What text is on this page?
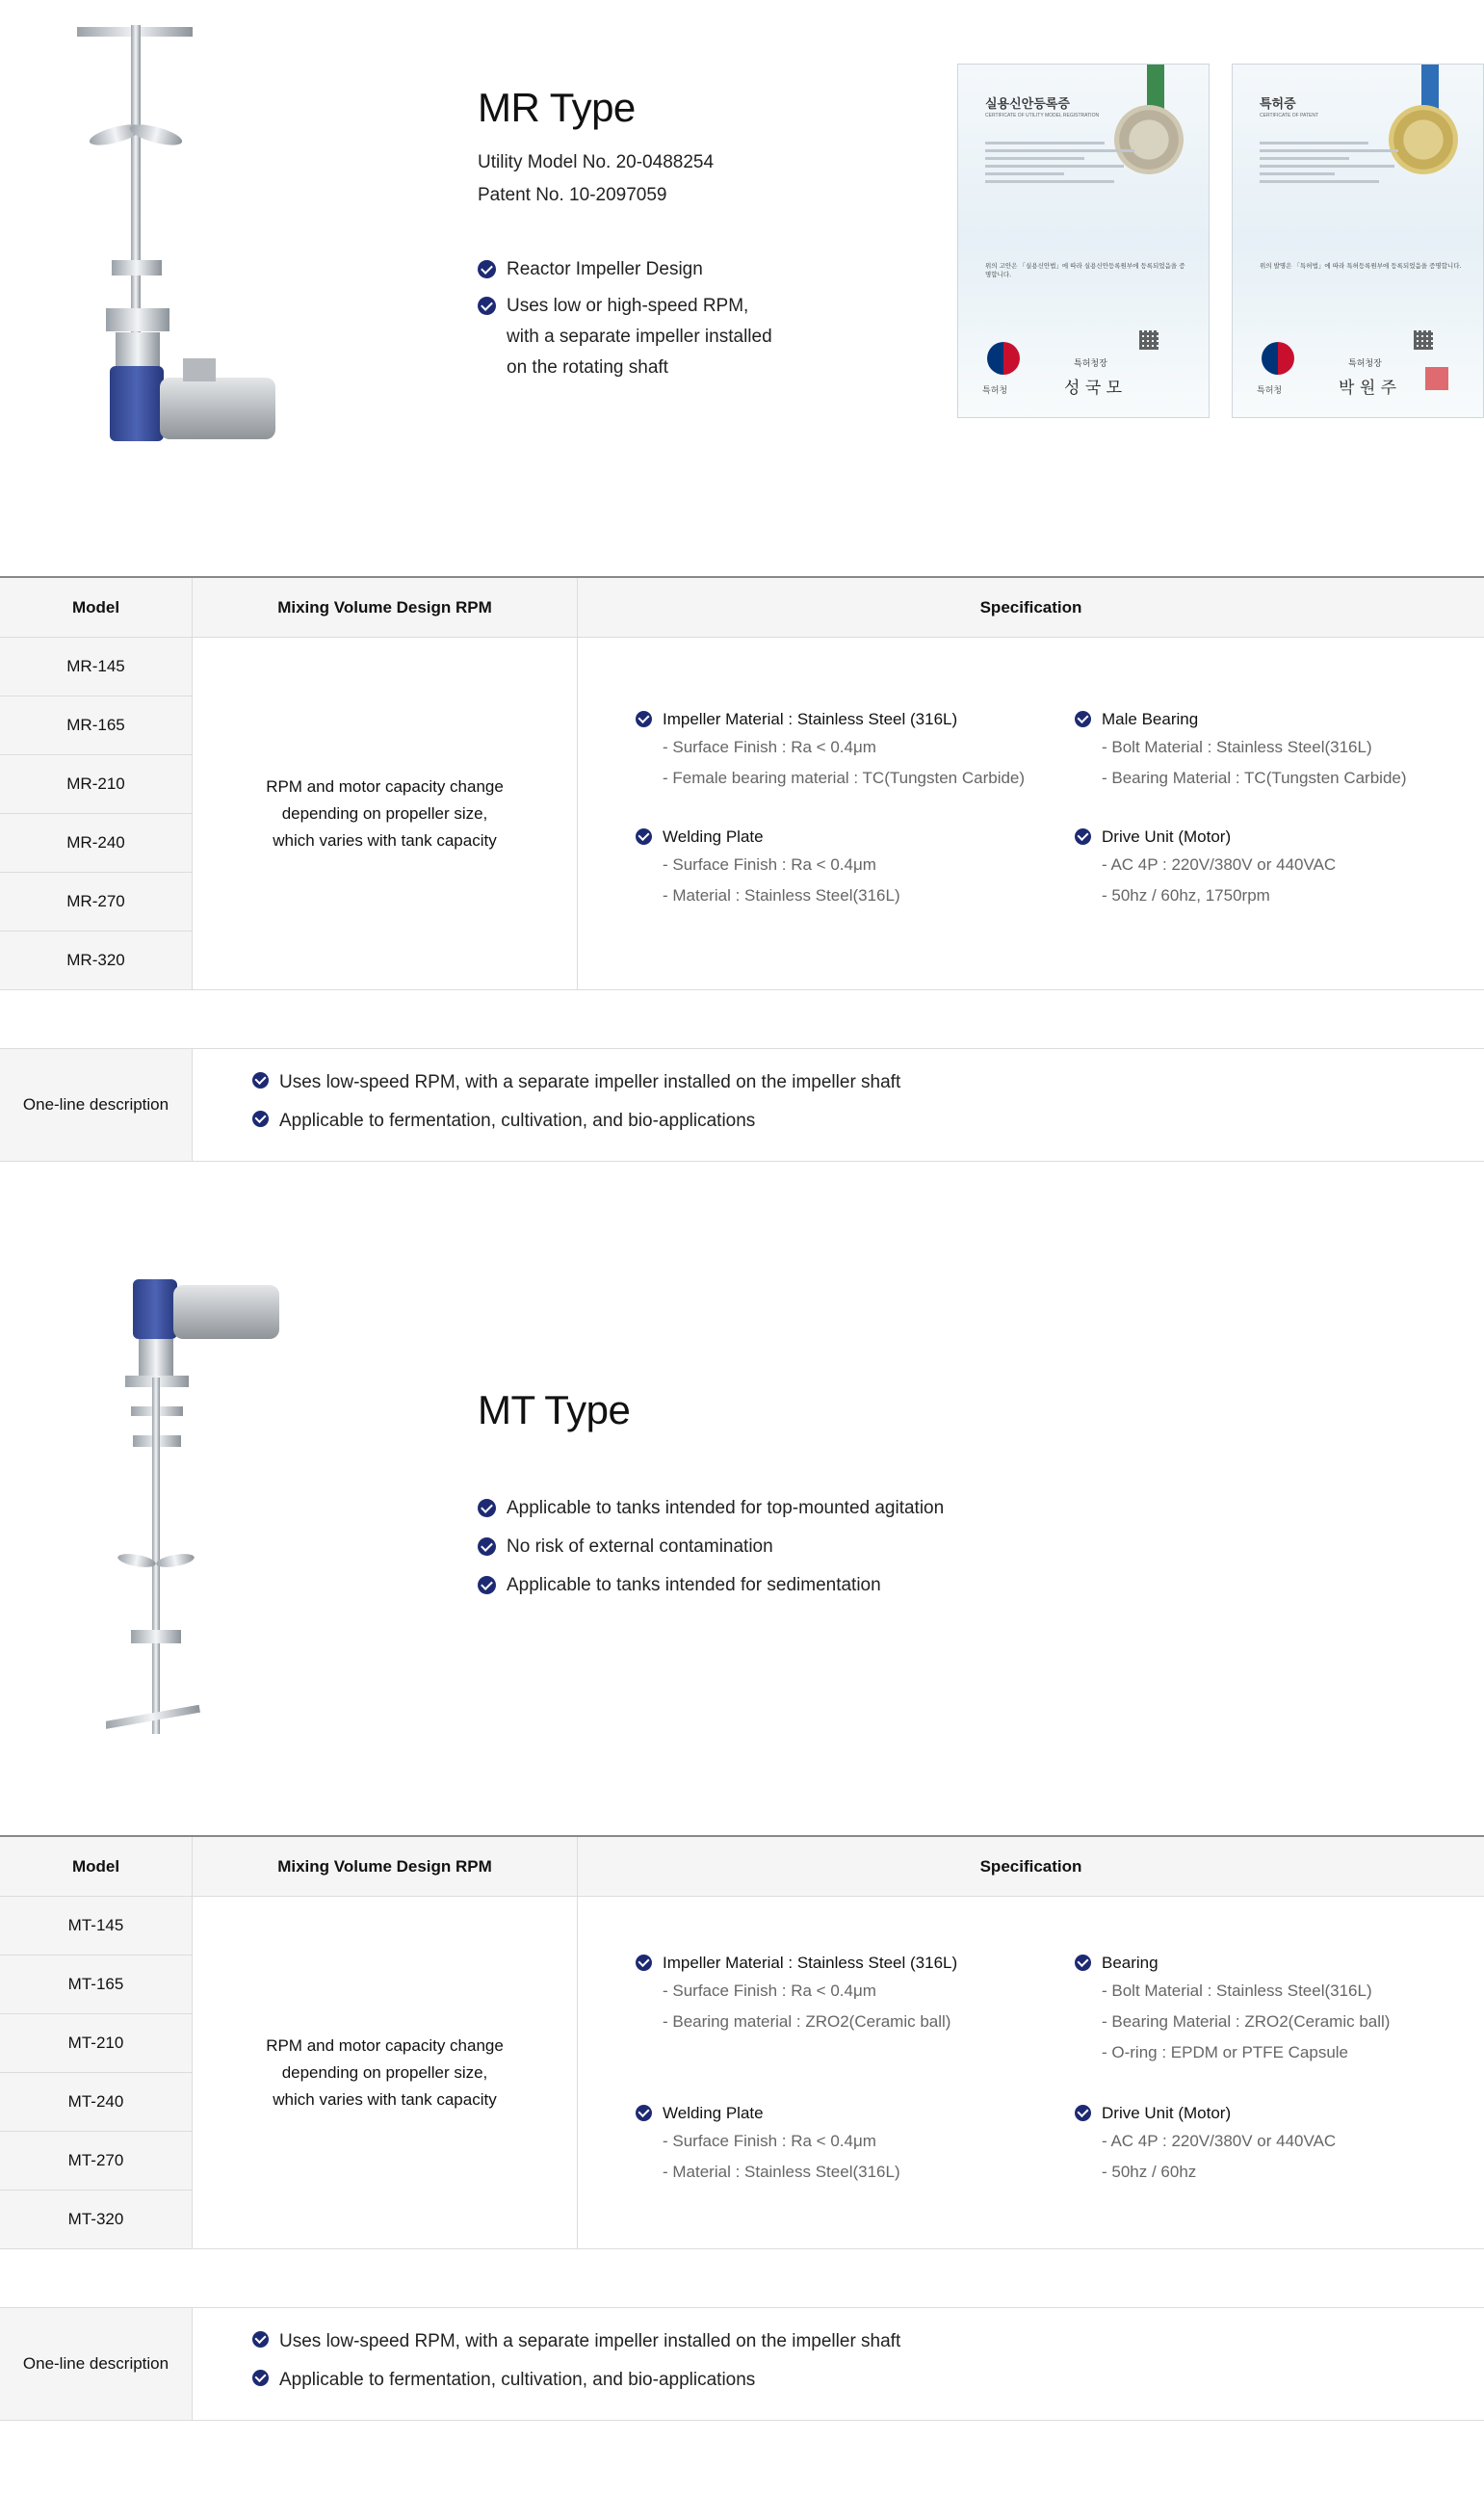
MR Type
Utility Model No. 20-0488254
Patent No. 10-2097059
Reactor Impeller Design
Uses low or high-speed RPM,
with a separate impeller installed
on the rotating shaft
실용신안등록증
CERTIFICATE OF UTILITY MODEL REGISTRATION
위의 고안은 「실용신안법」에 따라 실용신안등록원부에 등록되었음을 증명합니다.
특허청
특허청장
성 국 모
특허증
CERTIFICATE OF PATENT
위의 발명은 「특허법」에 따라 특허등록원부에 등록되었음을 증명합니다.
특허청
특허청장
박 원 주
Model	Mixing Volume Design RPM	Specification
MR-145
MR-165
MR-210
MR-240
MR-270
MR-320
RPM and motor capacity change
depending on propeller size,
which varies with tank capacity
Impeller Material : Stainless Steel (316L)
- Surface Finish : Ra < 0.4μm
- Female bearing material : TC(Tungsten Carbide)
Male Bearing
- Bolt Material : Stainless Steel(316L)
- Bearing Material : TC(Tungsten Carbide)
Welding Plate
- Surface Finish : Ra < 0.4μm
- Material : Stainless Steel(316L)
Drive Unit (Motor)
- AC 4P : 220V/380V or 440VAC
- 50hz / 60hz, 1750rpm
One-line description
Uses low-speed RPM, with a separate impeller installed on the impeller shaft
Applicable to fermentation, cultivation, and bio-applications
MT Type
Applicable to tanks intended for top-mounted agitation
No risk of external contamination
Applicable to tanks intended for sedimentation
Model	Mixing Volume Design RPM	Specification
MT-145
MT-165
MT-210
MT-240
MT-270
MT-320
RPM and motor capacity change
depending on propeller size,
which varies with tank capacity
Impeller Material : Stainless Steel (316L)
- Surface Finish : Ra < 0.4μm
- Bearing material : ZRO2(Ceramic ball)
Bearing
- Bolt Material : Stainless Steel(316L)
- Bearing Material : ZRO2(Ceramic ball)
- O-ring : EPDM or PTFE Capsule
Welding Plate
- Surface Finish : Ra < 0.4μm
- Material : Stainless Steel(316L)
Drive Unit (Motor)
- AC 4P : 220V/380V or 440VAC
- 50hz / 60hz
One-line description
Uses low-speed RPM, with a separate impeller installed on the impeller shaft
Applicable to fermentation, cultivation, and bio-applications
